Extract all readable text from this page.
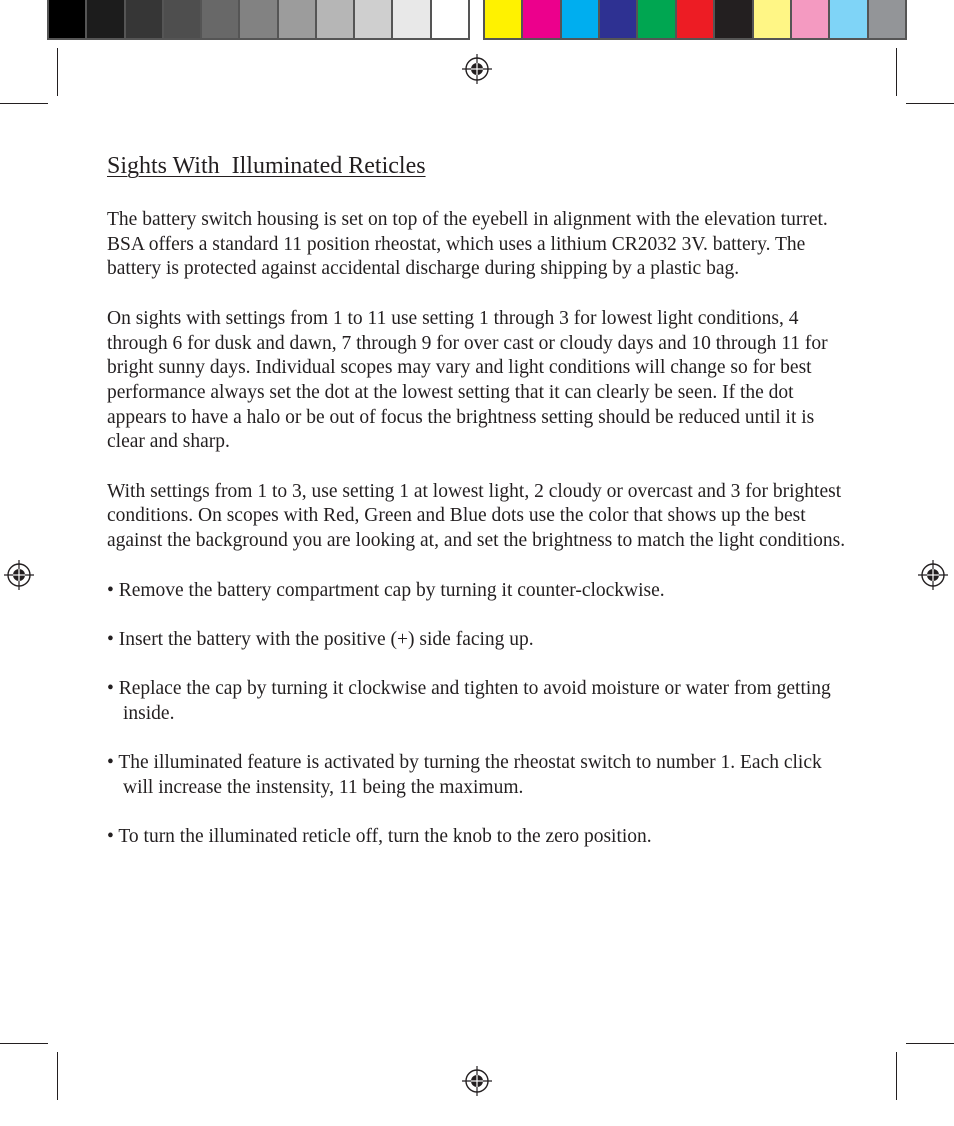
Sights With  Illuminated Reticles

The battery switch housing is set on top of the eyebell in alignment with the elevation turret. BSA offers a standard 11 position rheostat, which uses a lithium CR2032 3V. battery. The battery is protected against accidental discharge during shipping by a plastic bag.

On sights with settings from 1 to 11 use setting 1 through 3 for lowest light conditions, 4 through 6 for dusk and dawn, 7 through 9 for over cast or cloudy days and 10 through 11 for bright sunny days. Individual scopes may vary and light conditions will change so for best performance always set the dot at the lowest setting that it can clearly be seen. If the dot appears to have a halo or be out of focus the brightness setting should be reduced until it is clear and sharp.

With settings from 1 to 3, use setting 1 at lowest light, 2 cloudy or overcast and 3 for brightest conditions. On scopes with Red, Green and Blue dots use the color that shows up the best against the background you are looking at, and set the brightness to match the light conditions.

• Remove the battery compartment cap by turning it counter-clockwise.

• Insert the battery with the positive (+) side facing up.

• Replace the cap by turning it clockwise and tighten to avoid moisture or water from getting inside.

• The illuminated feature is activated by turning the rheostat switch to number 1. Each click will increase the instensity, 11 being the maximum.

• To turn the illuminated reticle off, turn the knob to the zero position.
